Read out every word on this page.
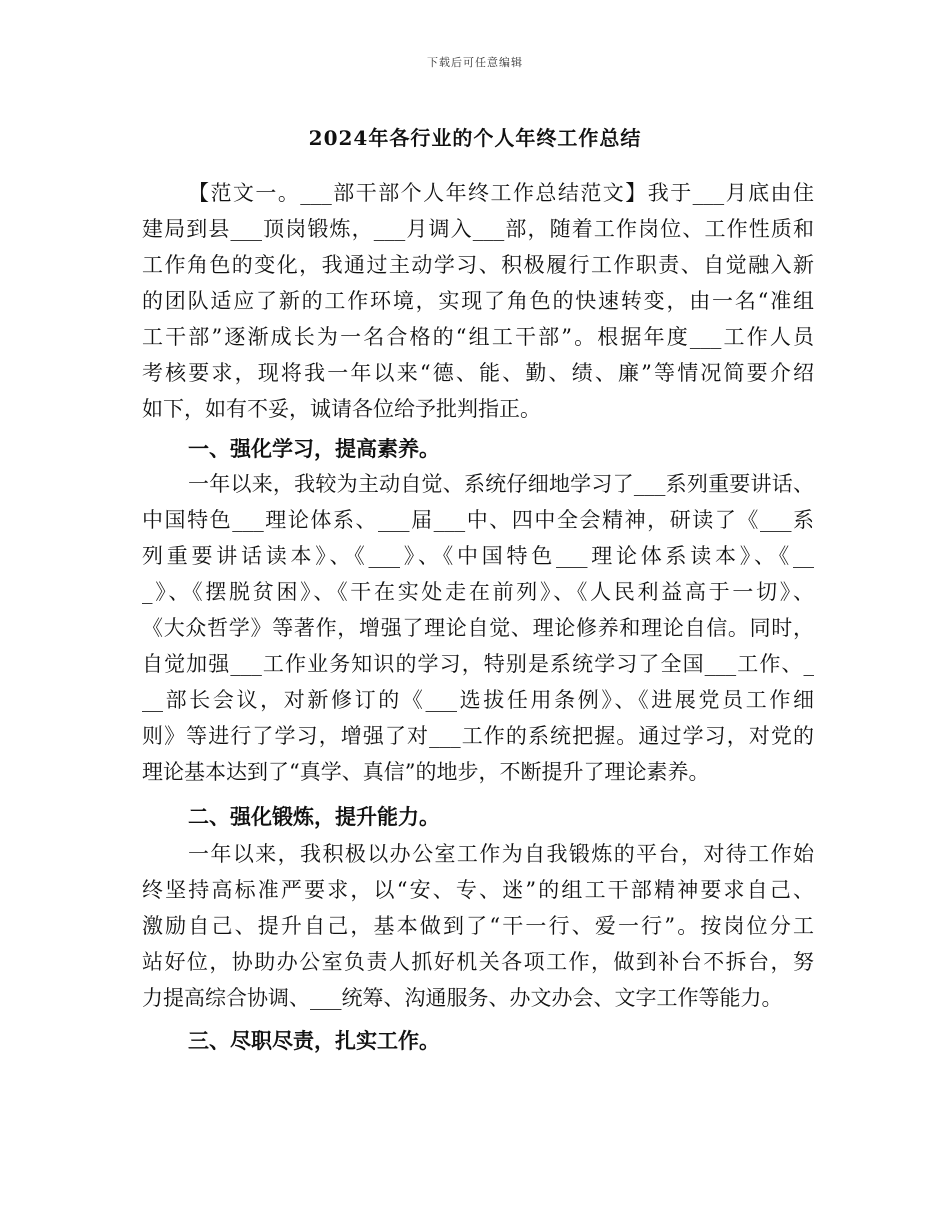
下载后可任意编辑
2024年各行业的个人年终工作总结
【范文一。___部干部个人年终工作总结范文】我于___月底由住
建局到县___顶岗锻炼，___月调入___部，随着工作岗位、工作性质和
工作角色的变化，我通过主动学习、积极履行工作职责、自觉融入新
的团队适应了新的工作环境，实现了角色的快速转变，由一名“准组
工干部”逐渐成长为一名合格的“组工干部”。根据年度___工作人员
考核要求，现将我一年以来“德、能、勤、绩、廉”等情况简要介绍
如下，如有不妥，诚请各位给予批判指正。
一、强化学习，提高素养。
一年以来，我较为主动自觉、系统仔细地学习了___系列重要讲话、
中国特色___理论体系、___届___中、四中全会精神，研读了《___系
列重要讲话读本》、《___》、《中国特色___理论体系读本》、《__
_》、《摆脱贫困》、《干在实处走在前列》、《人民利益高于一切》、
《大众哲学》等著作，增强了理论自觉、理论修养和理论自信。同时，
自觉加强___工作业务知识的学习，特别是系统学习了全国___工作、_
__部长会议，对新修订的《___选拔任用条例》、《进展党员工作细
则》等进行了学习，增强了对___工作的系统把握。通过学习，对党的
理论基本达到了“真学、真信”的地步，不断提升了理论素养。
二、强化锻炼，提升能力。
一年以来，我积极以办公室工作为自我锻炼的平台，对待工作始
终坚持高标准严要求，以“安、专、迷”的组工干部精神要求自己、
激励自己、提升自己，基本做到了“干一行、爱一行”。按岗位分工
站好位，协助办公室负责人抓好机关各项工作，做到补台不拆台，努
力提高综合协调、___统筹、沟通服务、办文办会、文字工作等能力。
三、尽职尽责，扎实工作。
